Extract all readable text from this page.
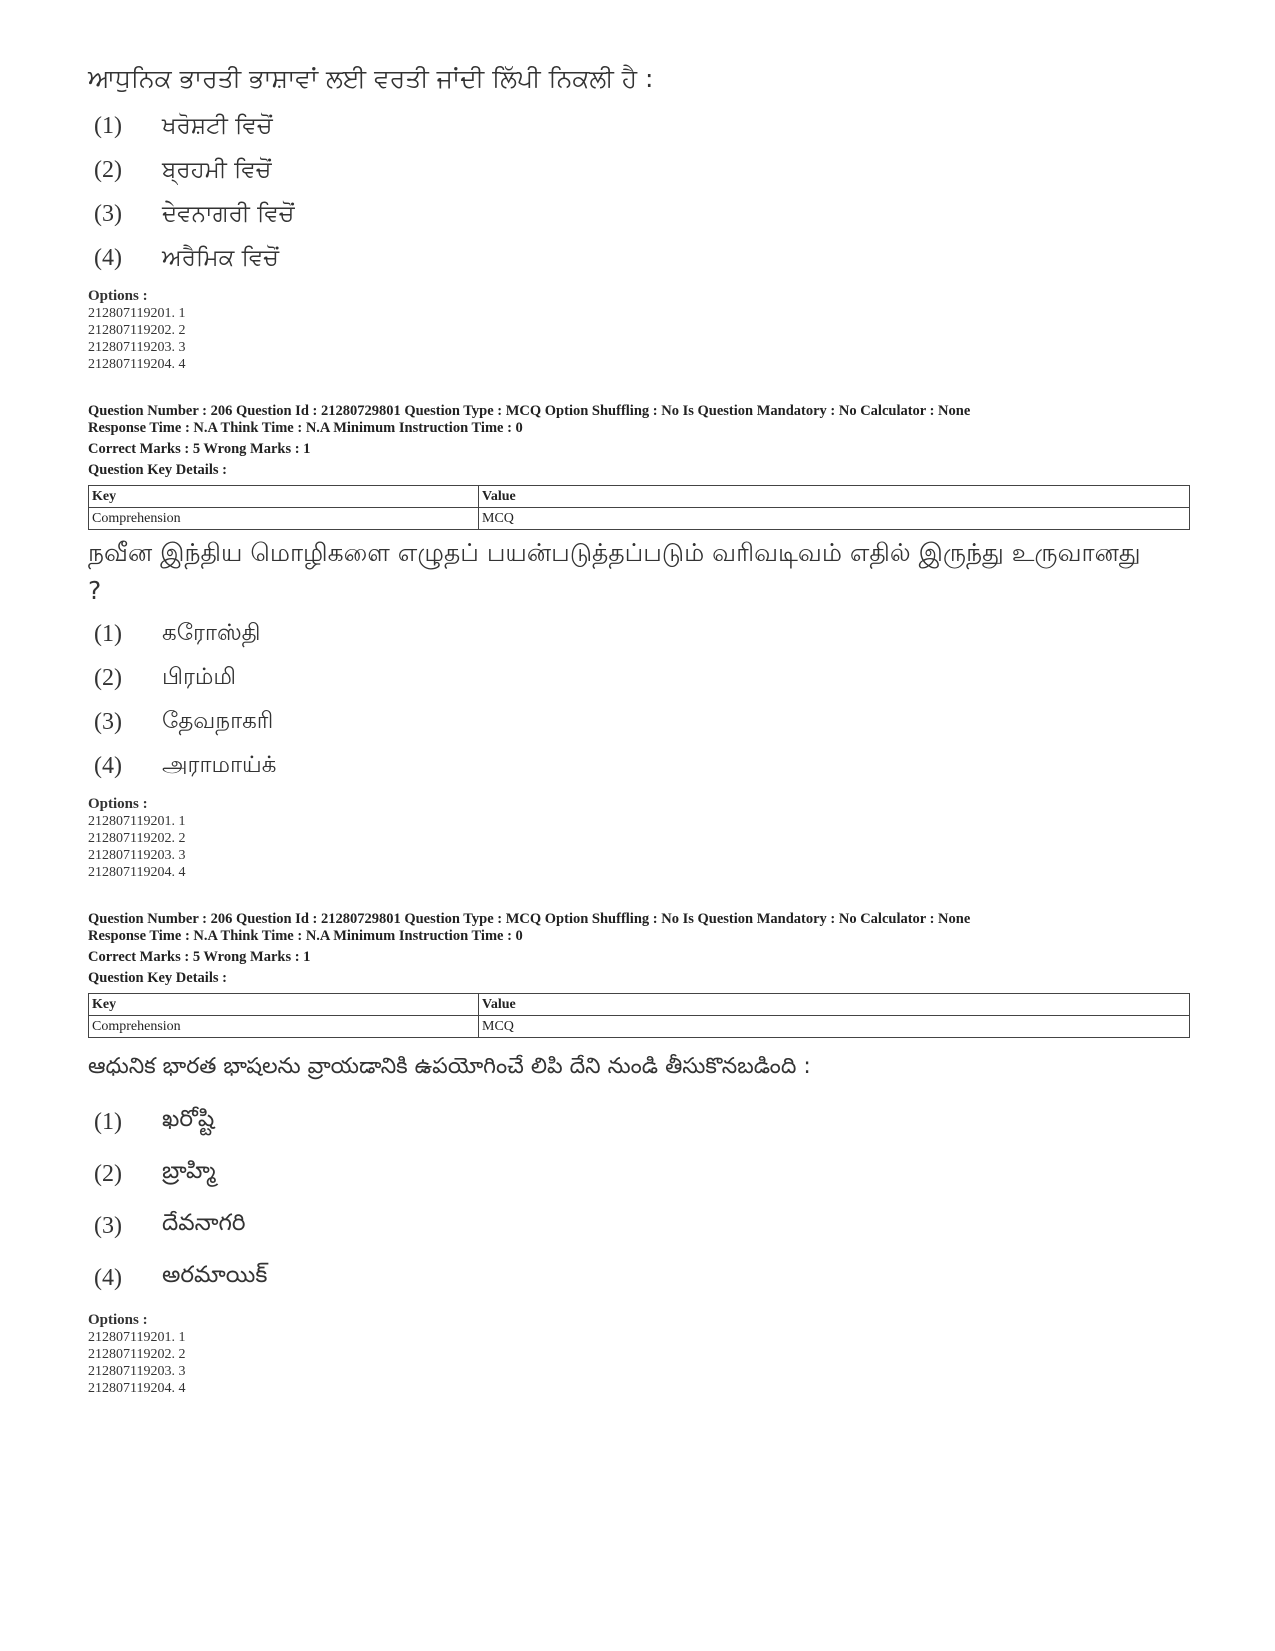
ਆਧੁਨਿਕ ਭਾਰਤੀ ਭਾਸ਼ਾਵਾਂ ਲਈ ਵਰਤੀ ਜਾਂਦੀ ਲਿੱਪੀ ਨਿਕਲੀ ਹੈ :
(1)	ਖਰੋਸ਼ਟੀ ਵਿਚੋਂ
(2)	ਬ੍ਰਹਮੀ ਵਿਚੋਂ
(3)	ਦੇਵਨਾਗਰੀ ਵਿਚੋਂ
(4)	ਅਰੈਮਿਕ ਵਿਚੋਂ
Options :
212807119201. 1
212807119202. 2
212807119203. 3
212807119204. 4
Question Number : 206 Question Id : 21280729801 Question Type : MCQ Option Shuffling : No Is Question Mandatory : No Calculator : None
Response Time : N.A Think Time : N.A Minimum Instruction Time : 0
Correct Marks : 5 Wrong Marks : 1
Question Key Details :
Key	Value
Comprehension	MCQ
நவீன இந்திய மொழிகளை எழுதப் பயன்படுத்தப்படும் வரிவடிவம் எதில் இருந்து உருவானது ?
(1)	கரோஸ்தி
(2)	பிரம்மி
(3)	தேவநாகரி
(4)	அராமாய்க்
Options :
212807119201. 1
212807119202. 2
212807119203. 3
212807119204. 4
Question Number : 206 Question Id : 21280729801 Question Type : MCQ Option Shuffling : No Is Question Mandatory : No Calculator : None
Response Time : N.A Think Time : N.A Minimum Instruction Time : 0
Correct Marks : 5 Wrong Marks : 1
Question Key Details :
Key	Value
Comprehension	MCQ
ఆధునిక భారత భాషలను వ్రాయడానికి ఉపయోగించే లిపి దేని నుండి తీసుకొనబడింది :
(1)	ఖరోష్టి
(2)	బ్రాహ్మి
(3)	దేవనాగరి
(4)	అరమాయిక్
Options :
212807119201. 1
212807119202. 2
212807119203. 3
212807119204. 4
